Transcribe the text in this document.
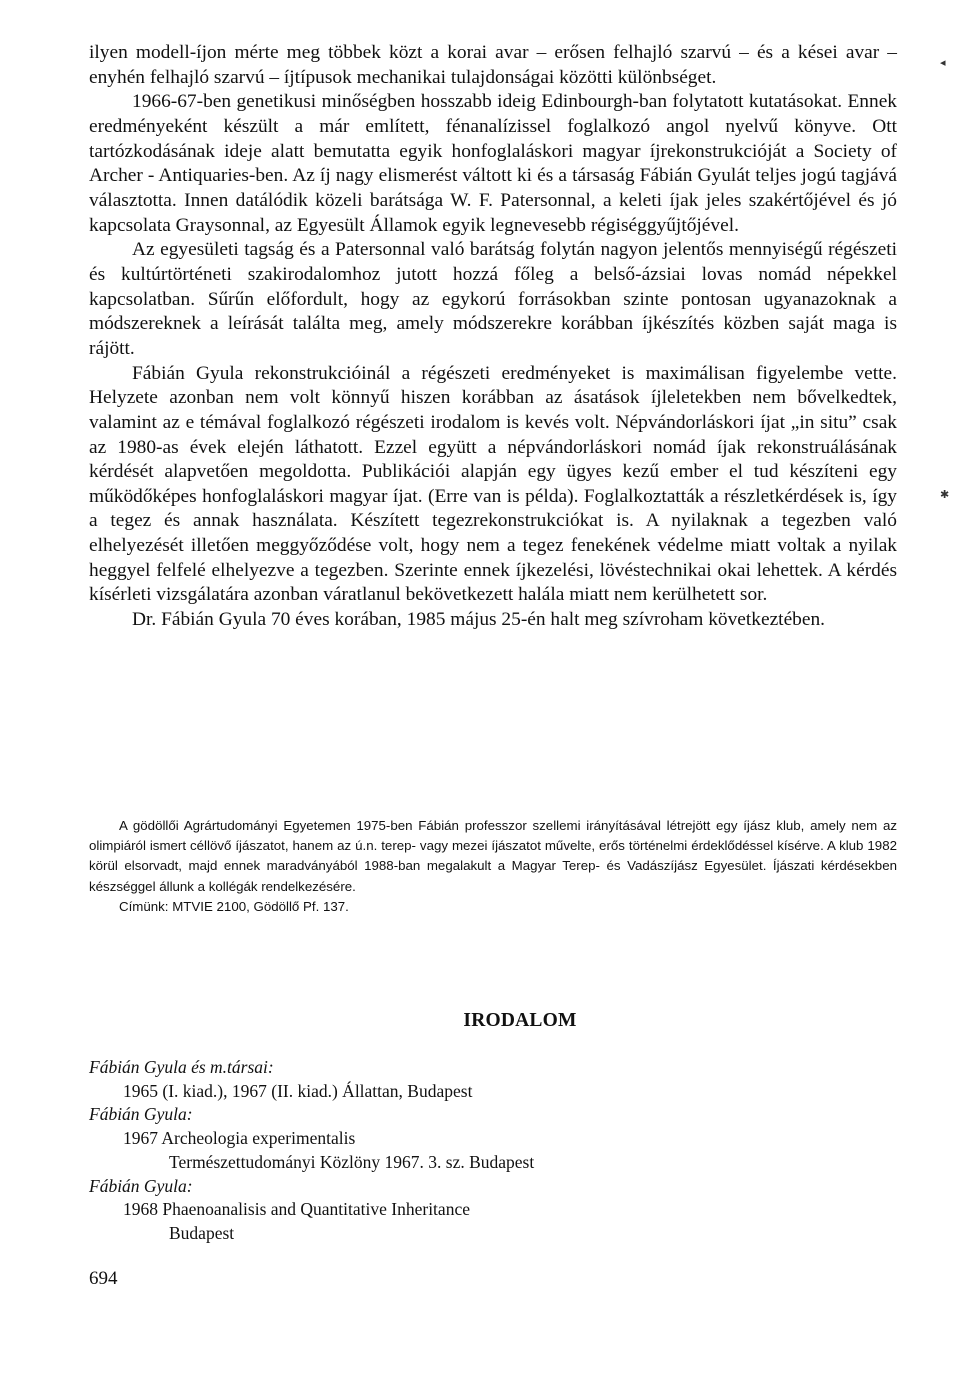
ilyen modell-íjon mérte meg többek közt a korai avar – erősen felhajló szarvú – és a kései avar – enyhén felhajló szarvú – íjtípusok mechanikai tulajdonságai közötti különbséget.

1966-67-ben genetikusi minőségben hosszabb ideig Edinbourgh-ban folytatott kutatásokat. Ennek eredményeként készült a már említett, fénanalízissel foglalkozó angol nyelvű könyve. Ott tartózkodásának ideje alatt bemutatta egyik honfoglaláskori magyar íjrekonstrukcióját a Society of Archer - Antiquaries-ben. Az íj nagy elismerést váltott ki és a társaság Fábián Gyulát teljes jogú tagjává választotta. Innen datálódik közeli barátsága W. F. Patersonnal, a keleti íjak jeles szakértőjével és jó kapcsolata Graysonnal, az Egyesült Államok egyik legnevesebb régiséggyűjtőjével.

Az egyesületi tagság és a Patersonnal való barátság folytán nagyon jelentős mennyiségű régészeti és kultúrtörténeti szakirodalomhoz jutott hozzá főleg a belső-ázsiai lovas nomád népekkel kapcsolatban. Sűrűn előfordult, hogy az egykorú forrásokban szinte pontosan ugyanazoknak a módszereknek a leírását találta meg, amely módszerekre korábban íjkészítés közben saját maga is rájött.

Fábián Gyula rekonstrukcióinál a régészeti eredményeket is maximálisan figyelembe vette. Helyzete azonban nem volt könnyű hiszen korábban az ásatások íjleletekben nem bővelkedtek, valamint az e témával foglalkozó régészeti irodalom is kevés volt. Népvándorláskori íjat „in situ” csak az 1980-as évek elején láthatott. Ezzel együtt a népvándorláskori nomád íjak rekonstruálásának kérdését alapvetően megoldotta. Publikációi alapján egy ügyes kezű ember el tud készíteni egy működőképes honfoglaláskori magyar íjat. (Erre van is példa). Foglalkoztatták a részletkérdések is, így a tegez és annak használata. Készített tegezrekonstrukciókat is. A nyilaknak a tegezben való elhelyezését illetően meggyőződése volt, hogy nem a tegez fenekének védelme miatt voltak a nyilak heggyel felfelé elhelyezve a tegezben. Szerinte ennek íjkezelési, lövéstechnikai okai lehettek. A kérdés kísérleti vizsgálatára azonban váratlanul bekövetkezett halála miatt nem kerülhetett sor.

Dr. Fábián Gyula 70 éves korában, 1985 május 25-én halt meg szívroham következtében.

A gödöllői Agrártudományi Egyetemen 1975-ben Fábián professzor szellemi irányításával létrejött egy íjász klub, amely nem az olimpiáról ismert céllövő íjászatot, hanem az ú.n. terep- vagy mezei íjászatot művelte, erős történelmi érdeklődéssel kísérve. A klub 1982 körül elsorvadt, majd ennek maradványából 1988-ban megalakult a Magyar Terep- és Vadászíjász Egyesület. Íjászati kérdésekben készséggel állunk a kollégák rendelkezésére.

Címünk: MTVIE 2100, Gödöllő Pf. 137.

IRODALOM
Fábián Gyula és m.társai:
1965 (I. kiad.), 1967 (II. kiad.) Állattan, Budapest
Fábián Gyula:
1967 Archeologia experimentalis
Természettudományi Közlöny 1967. 3. sz. Budapest
Fábián Gyula:
1968 Phaenoanalisis and Quantitative Inheritance
Budapest
694
◂
✱
